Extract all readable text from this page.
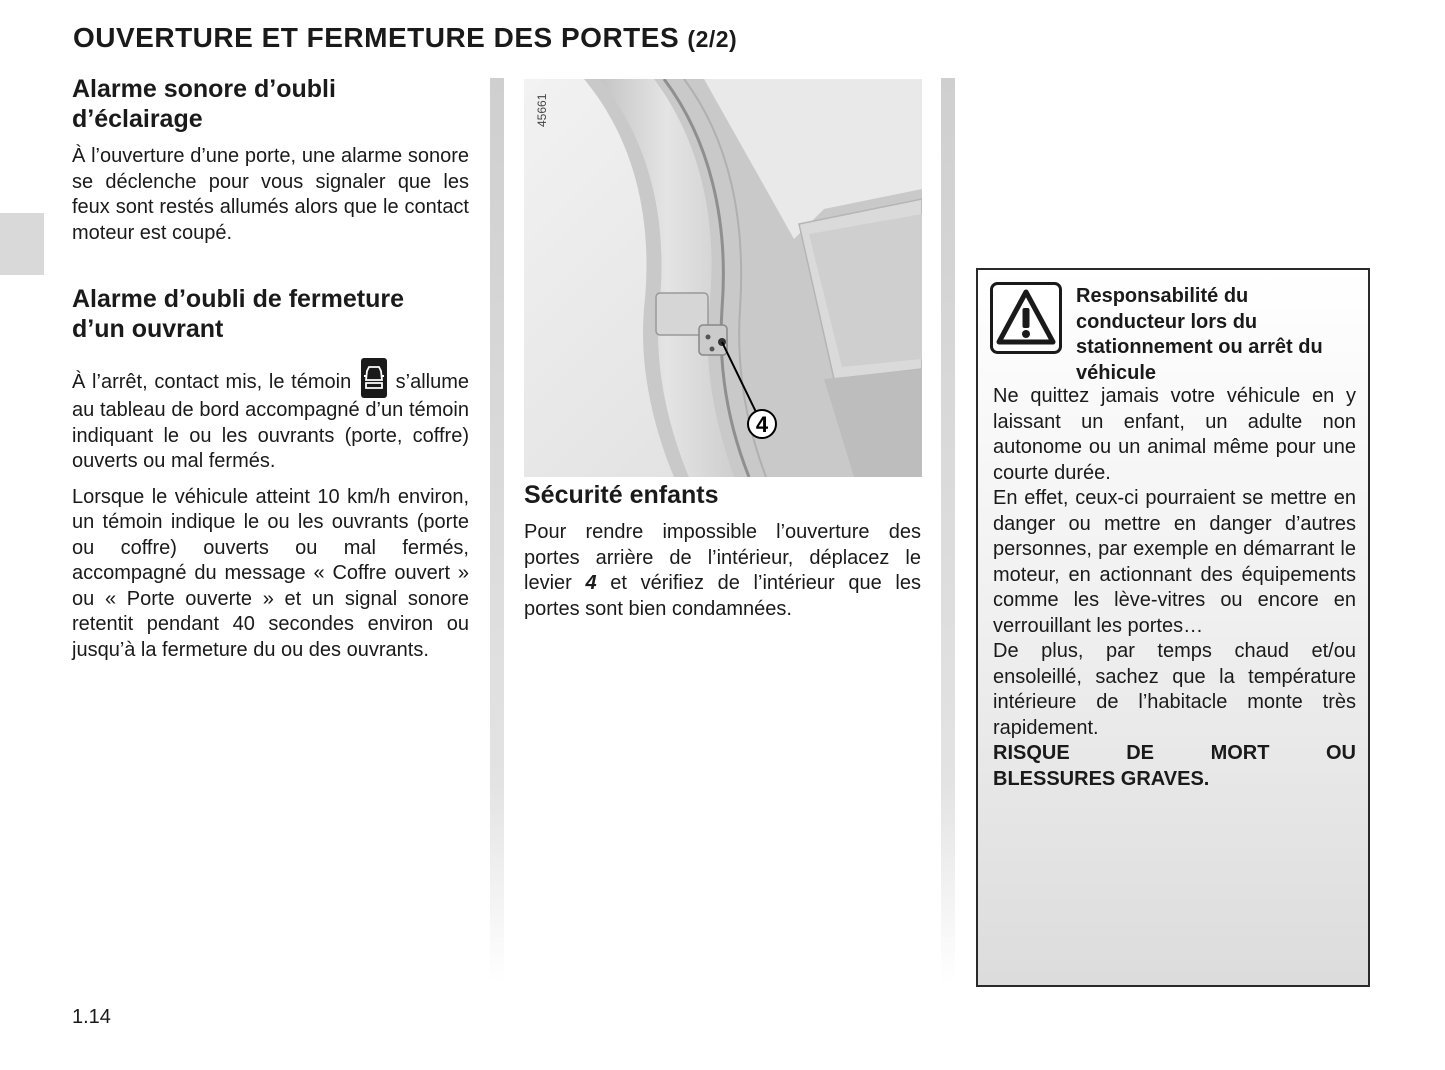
OUVERTURE ET FERMETURE DES PORTES (2/2)
Alarme sonore d’oubli
d’éclairage

À l’ouverture d’une porte, une alarme sonore se déclenche pour vous signaler que les feux sont restés allumés alors que le contact moteur est coupé.

Alarme d’oubli de fermeture
d’un ouvrant

À l’arrêt, contact mis, le témoin  s’allume au tableau de bord accompagné d’un témoin indiquant le ou les ouvrants (porte, coffre) ouverts ou mal fermés.

Lorsque le véhicule atteint 10 km/h environ, un témoin indique le ou les ouvrants (porte ou coffre) ouverts ou mal fermés, accompagné du message « Coffre ouvert » ou « Porte ouverte » et un signal sonore retentit pendant 40 secondes environ ou jusqu’à la fermeture du ou des ouvrants.

4
45661
Sécurité enfants

Pour rendre impossible l’ouverture des portes arrière de l’intérieur, déplacez le levier 4 et vérifiez de l’intérieur que les portes sont bien condamnées.

Responsabilité du conducteur lors du stationnement ou arrêt du véhicule

Ne quittez jamais votre véhicule en y laissant un enfant, un adulte non autonome ou un animal même pour une courte durée.

En effet, ceux-ci pourraient se mettre en danger ou mettre en danger d’autres personnes, par exemple en démarrant le moteur, en actionnant des équipements comme les lève-vitres ou encore en verrouillant les portes…

De plus, par temps chaud et/ou ensoleillé, sachez que la température intérieure de l’habitacle monte très rapidement.

RISQUE DE MORT OU

BLESSURES GRAVES.

1.14
